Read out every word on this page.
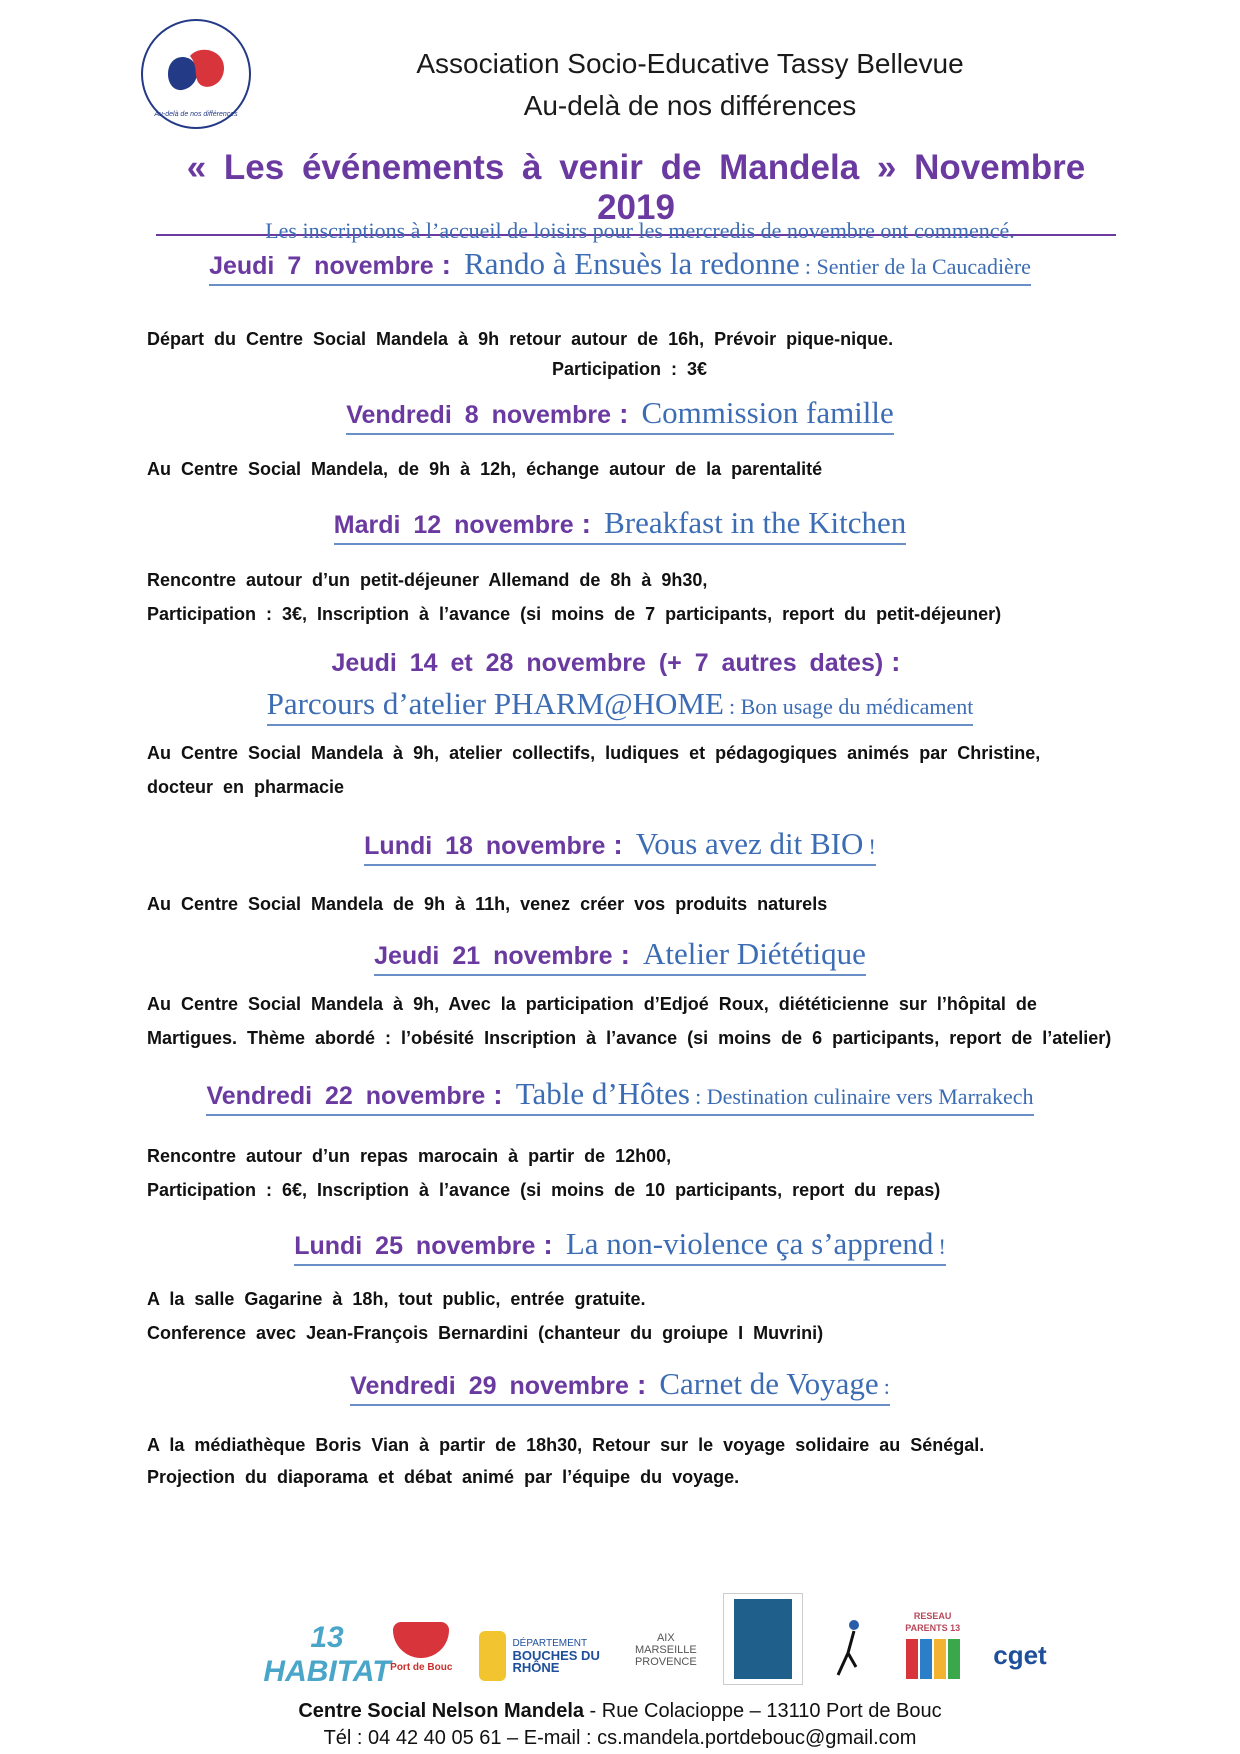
Au-delà de nos différences
Association Socio-Educative Tassy Bellevue
Au-delà de nos différences
« Les événements à venir de Mandela » Novembre 2019
Les inscriptions à l’accueil de loisirs pour les mercredis de novembre ont commencé.
Jeudi 7 novembre : Rando à Ensuès la redonne : Sentier de la Caucadière
Départ du Centre Social Mandela à 9h retour autour de 16h, Prévoir pique-nique.
Participation : 3€
Vendredi 8 novembre : Commission famille
Au Centre Social Mandela, de 9h à 12h, échange autour de la parentalité
Mardi 12 novembre : Breakfast in the Kitchen
Rencontre autour d’un petit-déjeuner Allemand de 8h à 9h30,
Participation : 3€, Inscription à l’avance (si moins de 7 participants, report du petit-déjeuner)
Jeudi 14 et 28 novembre (+ 7 autres dates) :
Parcours d’atelier PHARM@HOME : Bon usage du médicament
Au Centre Social Mandela à 9h, atelier collectifs, ludiques et pédagogiques animés par Christine, docteur en pharmacie
Lundi 18 novembre : Vous avez dit BIO !
Au Centre Social Mandela de 9h à 11h, venez créer vos produits naturels
Jeudi 21 novembre : Atelier Diététique
Au Centre Social Mandela à 9h, Avec la participation d’Edjoé Roux, diététicienne sur l’hôpital de Martigues. Thème abordé : l’obésité Inscription à l’avance (si moins de 6 participants, report de l’atelier)
Vendredi 22 novembre : Table d’Hôtes : Destination culinaire vers Marrakech
Rencontre autour d’un repas marocain à partir de 12h00,
Participation : 6€, Inscription à l’avance (si moins de 10 participants, report du repas)
Lundi 25 novembre : La non-violence ça s’apprend !
A la salle Gagarine à 18h, tout public, entrée gratuite.
Conference avec Jean-François Bernardini (chanteur du groiupe I Muvrini)
Vendredi 29 novembre : Carnet de Voyage :
A la médiathèque Boris Vian à partir de 18h30, Retour sur le voyage solidaire au Sénégal.
Projection du diaporama et débat animé par l’équipe du voyage.
13 HABITAT Port de Bouc
DÉPARTEMENT
BOUCHES DU RHÔNE
AIX
MARSEILLE
PROVENCE
RESEAU PARENTS 13
cget
Centre Social Nelson Mandela - Rue Colacioppe – 13110 Port de Bouc
Tél : 04 42 40 05 61 – E-mail : cs.mandela.portdebouc@gmail.com
